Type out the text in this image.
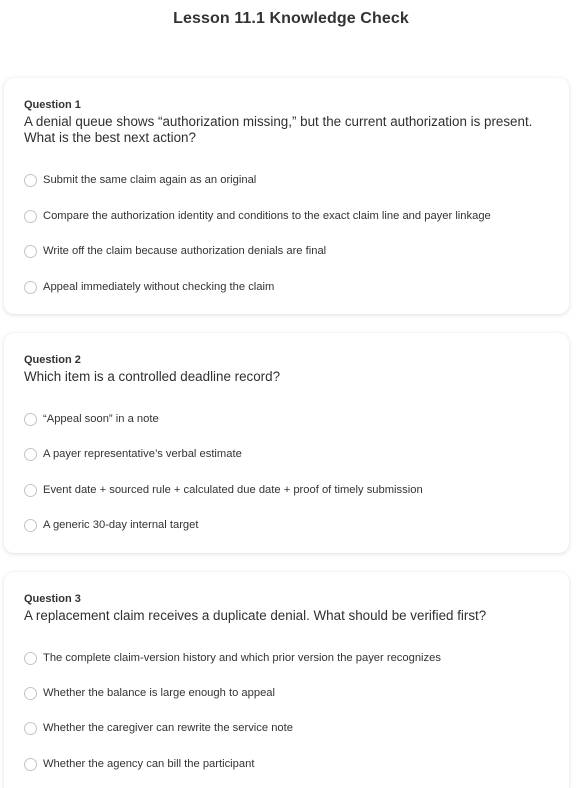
Lesson 11.1 Knowledge Check
Question 1
A denial queue shows “authorization missing,” but the current authorization is present. What is the best next action?
Submit the same claim again as an original
Compare the authorization identity and conditions to the exact claim line and payer linkage
Write off the claim because authorization denials are final
Appeal immediately without checking the claim
Question 2
Which item is a controlled deadline record?
“Appeal soon” in a note
A payer representative’s verbal estimate
Event date + sourced rule + calculated due date + proof of timely submission
A generic 30-day internal target
Question 3
A replacement claim receives a duplicate denial. What should be verified first?
The complete claim-version history and which prior version the payer recognizes
Whether the balance is large enough to appeal
Whether the caregiver can rewrite the service note
Whether the agency can bill the participant
